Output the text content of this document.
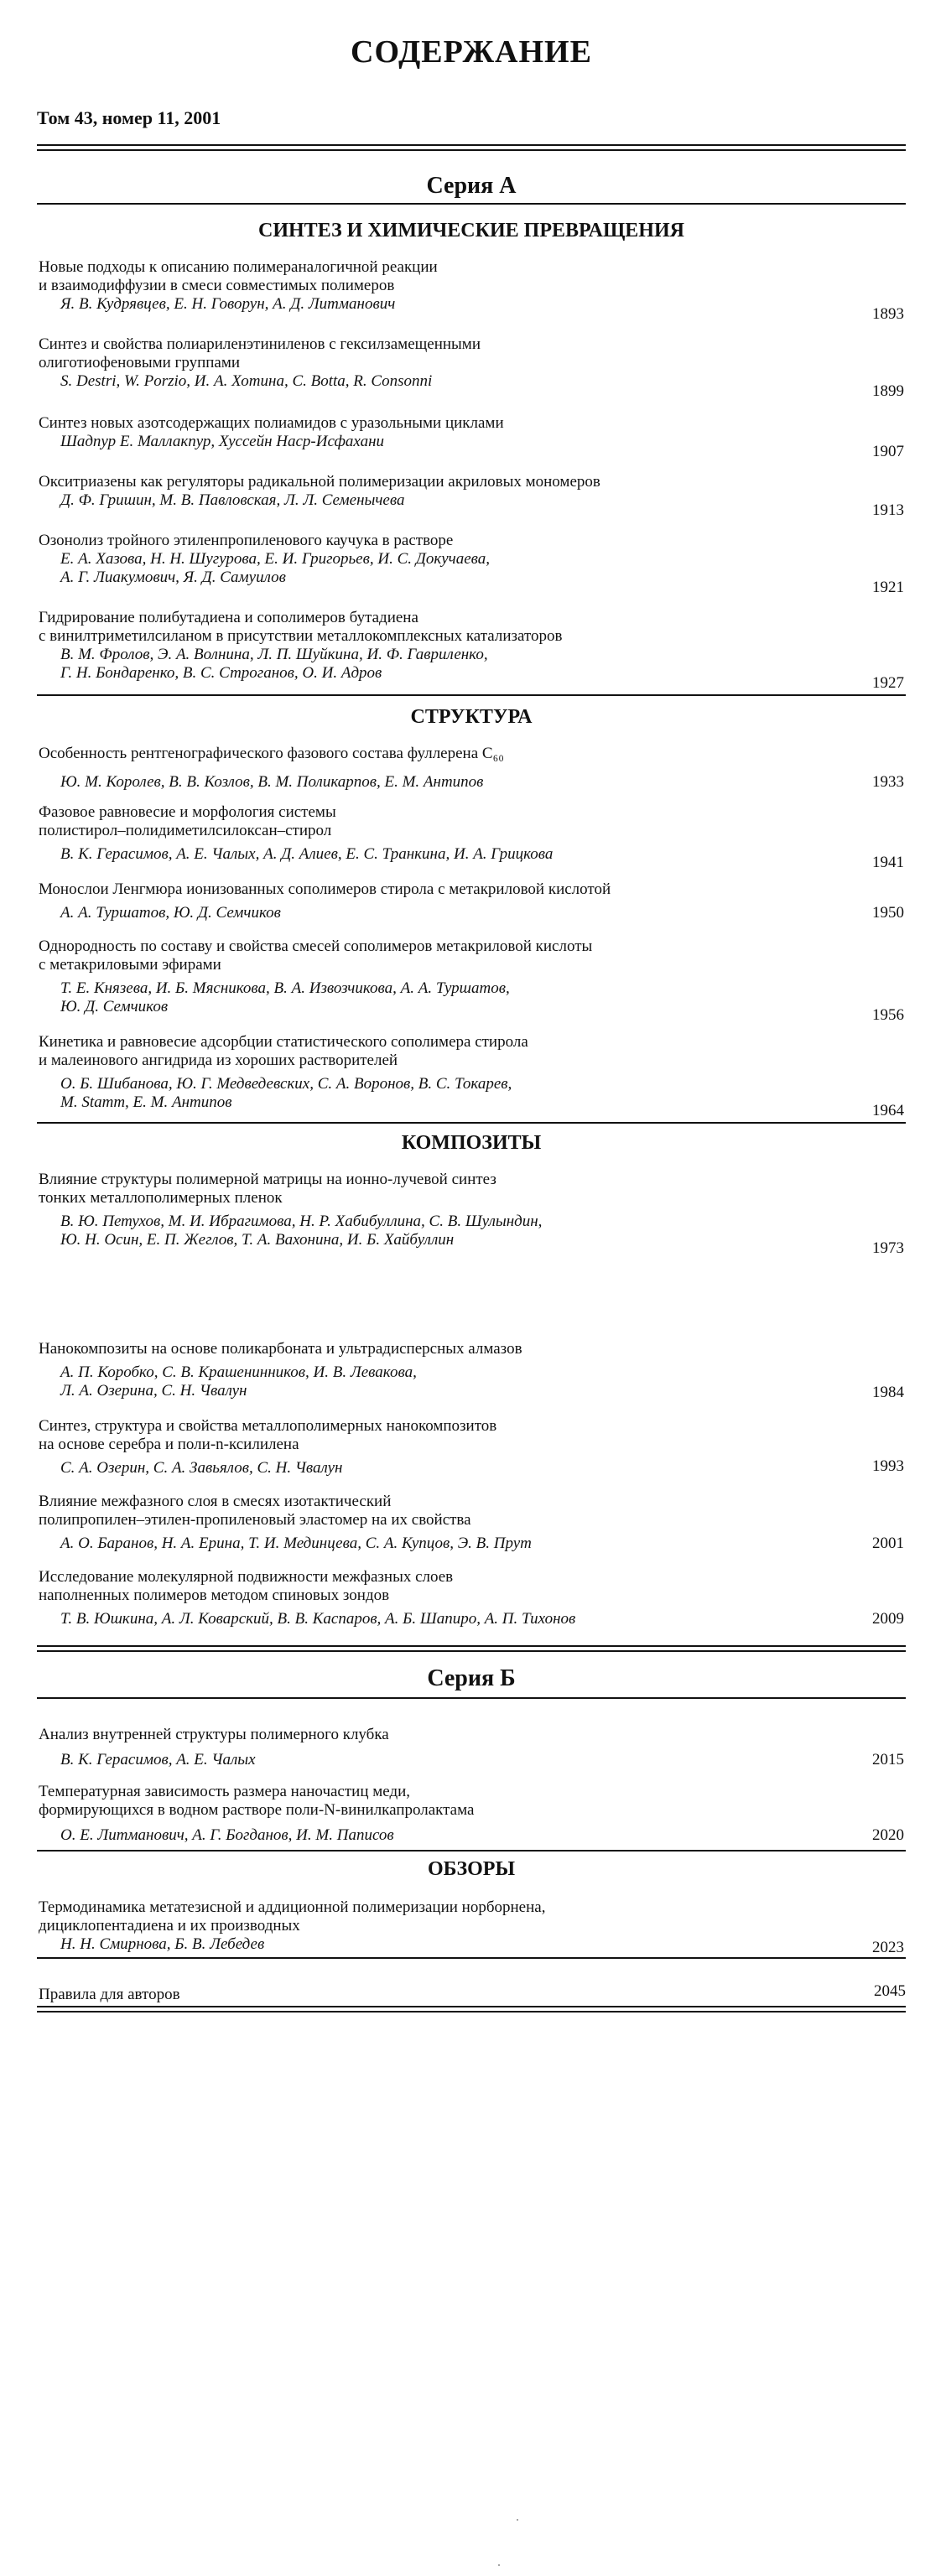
СОДЕРЖАНИЕ
Том 43, номер 11, 2001
Серия А
СИНТЕЗ И ХИМИЧЕСКИЕ ПРЕВРАЩЕНИЯ
Новые подходы к описанию полимераналогичной реакции
и взаимодиффузии в смеси совместимых полимеров
Я. В. Кудрявцев, Е. Н. Говорун, А. Д. Литманович
1893
Синтез и свойства полиариленэтиниленов с гексилзамещенными
олиготиофеновыми группами
S. Destri, W. Porzio, И. А. Хотина, C. Botta, R. Consonni
1899
Синтез новых азотсодержащих полиамидов с уразольными циклами
Шадпур Е. Маллакпур, Хуссейн Наср-Исфахани
1907
Окситриазены как регуляторы радикальной полимеризации акриловых мономеров
Д. Ф. Гришин, М. В. Павловская, Л. Л. Семенычева
1913
Озонолиз тройного этиленпропиленового каучука в растворе
Е. А. Хазова, Н. Н. Шугурова, Е. И. Григорьев, И. С. Докучаева,
А. Г. Лиакумович, Я. Д. Самуилов
1921
Гидрирование полибутадиена и сополимеров бутадиена
с винилтриметилсиланом в присутствии металлокомплексных катализаторов
В. М. Фролов, Э. А. Волнина, Л. П. Шуйкина, И. Ф. Гавриленко,
Г. Н. Бондаренко, В. С. Строганов, О. И. Адров
1927
СТРУКТУРА
Особенность рентгенографического фазового состава фуллерена C₆₀
Ю. М. Королев, В. В. Козлов, В. М. Поликарпов, Е. М. Антипов	1933
Фазовое равновесие и морфология системы
полистирол–полидиметилсилоксан–стирол
В. К. Герасимов, А. Е. Чалых, А. Д. Алиев, Е. С. Транкина, И. А. Грицкова	1941
Монослои Ленгмюра ионизованных сополимеров стирола с метакриловой кислотой
А. А. Туршатов, Ю. Д. Семчиков	1950
Однородность по составу и свойства смесей сополимеров метакриловой кислоты
с метакриловыми эфирами
Т. Е. Князева, И. Б. Мясникова, В. А. Извозчикова, А. А. Туршатов,
Ю. Д. Семчиков	1956
Кинетика и равновесие адсорбции статистического сополимера стирола
и малеинового ангидрида из хороших растворителей
О. Б. Шибанова, Ю. Г. Медведевских, С. А. Воронов, В. С. Токарев,
M. Stamm, Е. М. Антипов	1964
КОМПОЗИТЫ
Влияние структуры полимерной матрицы на ионно-лучевой синтез
тонких металлополимерных пленок
В. Ю. Петухов, М. И. Ибрагимова, Н. Р. Хабибуллина, С. В. Шулындин,
Ю. Н. Осин, Е. П. Жеглов, Т. А. Вахонина, И. Б. Хайбуллин	1973
Нанокомпозиты на основе поликарбоната и ультрадисперсных алмазов
А. П. Коробко, С. В. Крашенинников, И. В. Левакова,
Л. А. Озерина, С. Н. Чвалун	1984
Синтез, структура и свойства металлополимерных нанокомпозитов
на основе серебра и поли-n-ксилилена
С. А. Озерин, С. А. Завьялов, С. Н. Чвалун	1993
Влияние межфазного слоя в смесях изотактический
полипропилен–этилен-пропиленовый эластомер на их свойства
А. О. Баранов, Н. А. Ерина, Т. И. Мединцева, С. А. Купцов, Э. В. Прут	2001
Исследование молекулярной подвижности межфазных слоев
наполненных полимеров методом спиновых зондов
Т. В. Юшкина, А. Л. Коварский, В. В. Каспаров, А. Б. Шапиро, А. П. Тихонов	2009
Серия Б
Анализ внутренней структуры полимерного клубка
В. К. Герасимов, А. Е. Чалых	2015
Температурная зависимость размера наночастиц меди,
формирующихся в водном растворе поли-N-винилкапролактама
О. Е. Литманович, А. Г. Богданов, И. М. Паписов	2020
ОБЗОРЫ
Термодинамика метатезисной и аддиционной полимеризации норборнена,
дициклопентадиена и их производных
Н. Н. Смирнова, Б. В. Лебедев	2023
Правила для авторов	2045
